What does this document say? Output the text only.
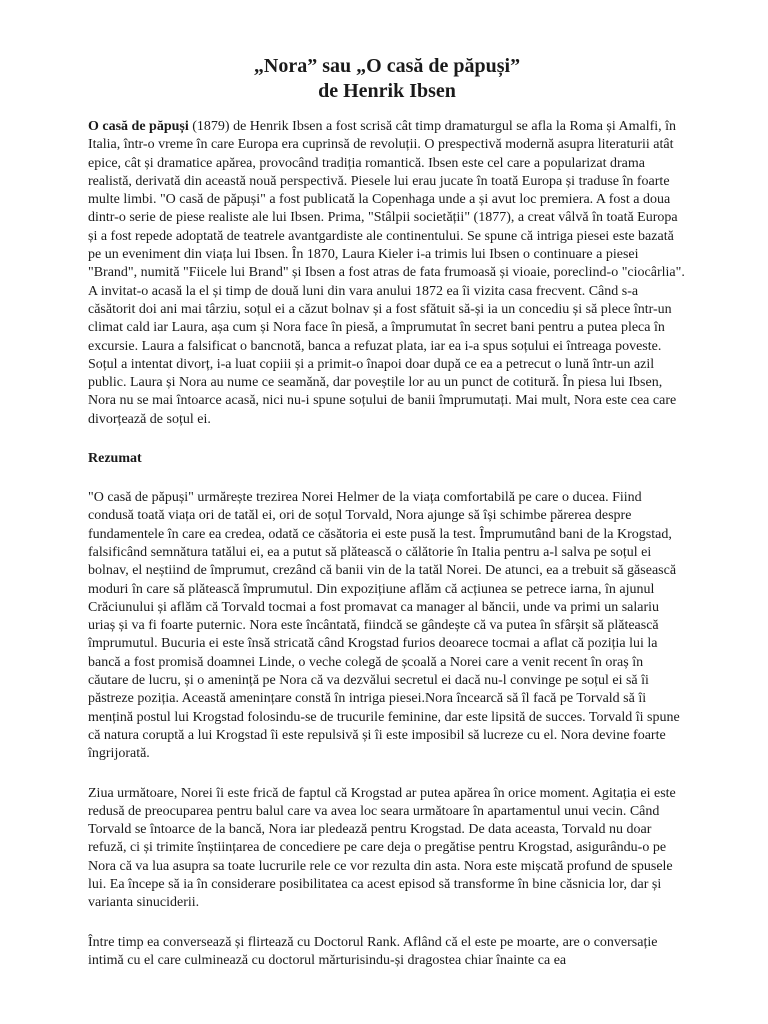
„Nora” sau „O casă de păpuși”
de Henrik Ibsen

O casă de păpuși (1879) de Henrik Ibsen a fost scrisă cât timp dramaturgul se afla la Roma și Amalfi, în Italia, într-o vreme în care Europa era cuprinsă de revoluții. O prespectivă modernă asupra literaturii atât epice, cât și dramatice apărea, provocând tradiția romantică. Ibsen este cel care a popularizat drama realistă, derivată din această nouă perspectivă. Piesele lui erau jucate în toată Europa și traduse în foarte multe limbi. "O casă de păpuși" a fost publicată la Copenhaga unde a și avut loc premiera. A fost a doua dintr-o serie de piese realiste ale lui Ibsen. Prima, "Stâlpii societății" (1877), a creat vâlvă în toată Europa și a fost repede adoptată de teatrele avantgardiste ale continentului. Se spune că intriga piesei este bazată pe un eveniment din viața lui Ibsen. În 1870, Laura Kieler i-a trimis lui Ibsen o continuare a piesei "Brand", numită "Fiicele lui Brand" și Ibsen a fost atras de fata frumoasă și vioaie, poreclind-o "ciocârlia". A invitat-o acasă la el și timp de două luni din vara anului 1872 ea îi vizita casa frecvent. Când s-a căsătorit doi ani mai târziu, soțul ei a căzut bolnav și a fost sfătuit să-și ia un concediu și să plece într-un climat cald iar Laura, așa cum și Nora face în piesă, a împrumutat în secret bani pentru a putea pleca în excursie. Laura a falsificat o bancnotă, banca a refuzat plata, iar ea i-a spus soțului ei întreaga poveste. Soțul a intentat divorț, i-a luat copiii și a primit-o înapoi doar după ce ea a petrecut o lună într-un azil public. Laura și Nora au nume ce seamănă, dar poveștile lor au un punct de cotitură. În piesa lui Ibsen, Nora nu se mai întoarce acasă, nici nu-i spune soțului de banii împrumutați. Mai mult, Nora este cea care divorțează de soțul ei.

Rezumat

"O casă de păpuși" urmărește trezirea Norei Helmer de la viața comfortabilă pe care o ducea. Fiind condusă toată viața ori de tatăl ei, ori de soțul Torvald, Nora ajunge să își schimbe părerea despre fundamentele în care ea credea, odată ce căsătoria ei este pusă la test. Împrumutând bani de la Krogstad, falsificând semnătura tatălui ei, ea a putut să plătească o călătorie în Italia pentru a-l salva pe soțul ei bolnav, el neștiind de împrumut, crezând că banii vin de la tatăl Norei. De atunci, ea a trebuit să găsească moduri în care să plătească împrumutul. Din expozițiune aflăm că acțiunea se petrece iarna, în ajunul Crăciunului și aflăm că Torvald tocmai a fost promavat ca manager al băncii, unde va primi un salariu uriaș și va fi foarte puternic. Nora este încântată, fiindcă se gândește că va putea în sfârșit să plătească împrumutul. Bucuria ei este însă stricată când Krogstad furios deoarece tocmai a aflat că poziția lui la bancă a fost promisă doamnei Linde, o veche colegă de școală a Norei care a venit recent în oraș în căutare de lucru, și o amenință pe Nora că va dezvălui secretul ei dacă nu-l convinge pe soțul ei să îi păstreze poziția. Această amenințare constă în intriga piesei.Nora încearcă să îl facă pe Torvald să îi mențină postul lui Krogstad folosindu-se de trucurile feminine, dar este lipsită de succes. Torvald îi spune că natura coruptă a lui Krogstad îi este repulsivă și îi este imposibil să lucreze cu el. Nora devine foarte îngrijorată.

Ziua următoare, Norei îi este frică de faptul că Krogstad ar putea apărea în orice moment. Agitația ei este redusă de preocuparea pentru balul care va avea loc seara următoare în apartamentul unui vecin. Când Torvald se întoarce de la bancă, Nora iar pledează pentru Krogstad. De data aceasta, Torvald nu doar refuză, ci și trimite înștiințarea de concediere pe care deja o pregătise pentru Krogstad, asigurându-o pe Nora că va lua asupra sa toate lucrurile rele ce vor rezulta din asta. Nora este mișcată profund de spusele lui. Ea începe să ia în considerare posibilitatea ca acest episod să transforme în bine căsnicia lor, dar și varianta sinuciderii.

Între timp ea conversează și flirtează cu Doctorul Rank. Aflând că el este pe moarte, are o conversație intimă cu el care culminează cu doctorul mărturisindu-și dragostea chiar înainte ca ea
